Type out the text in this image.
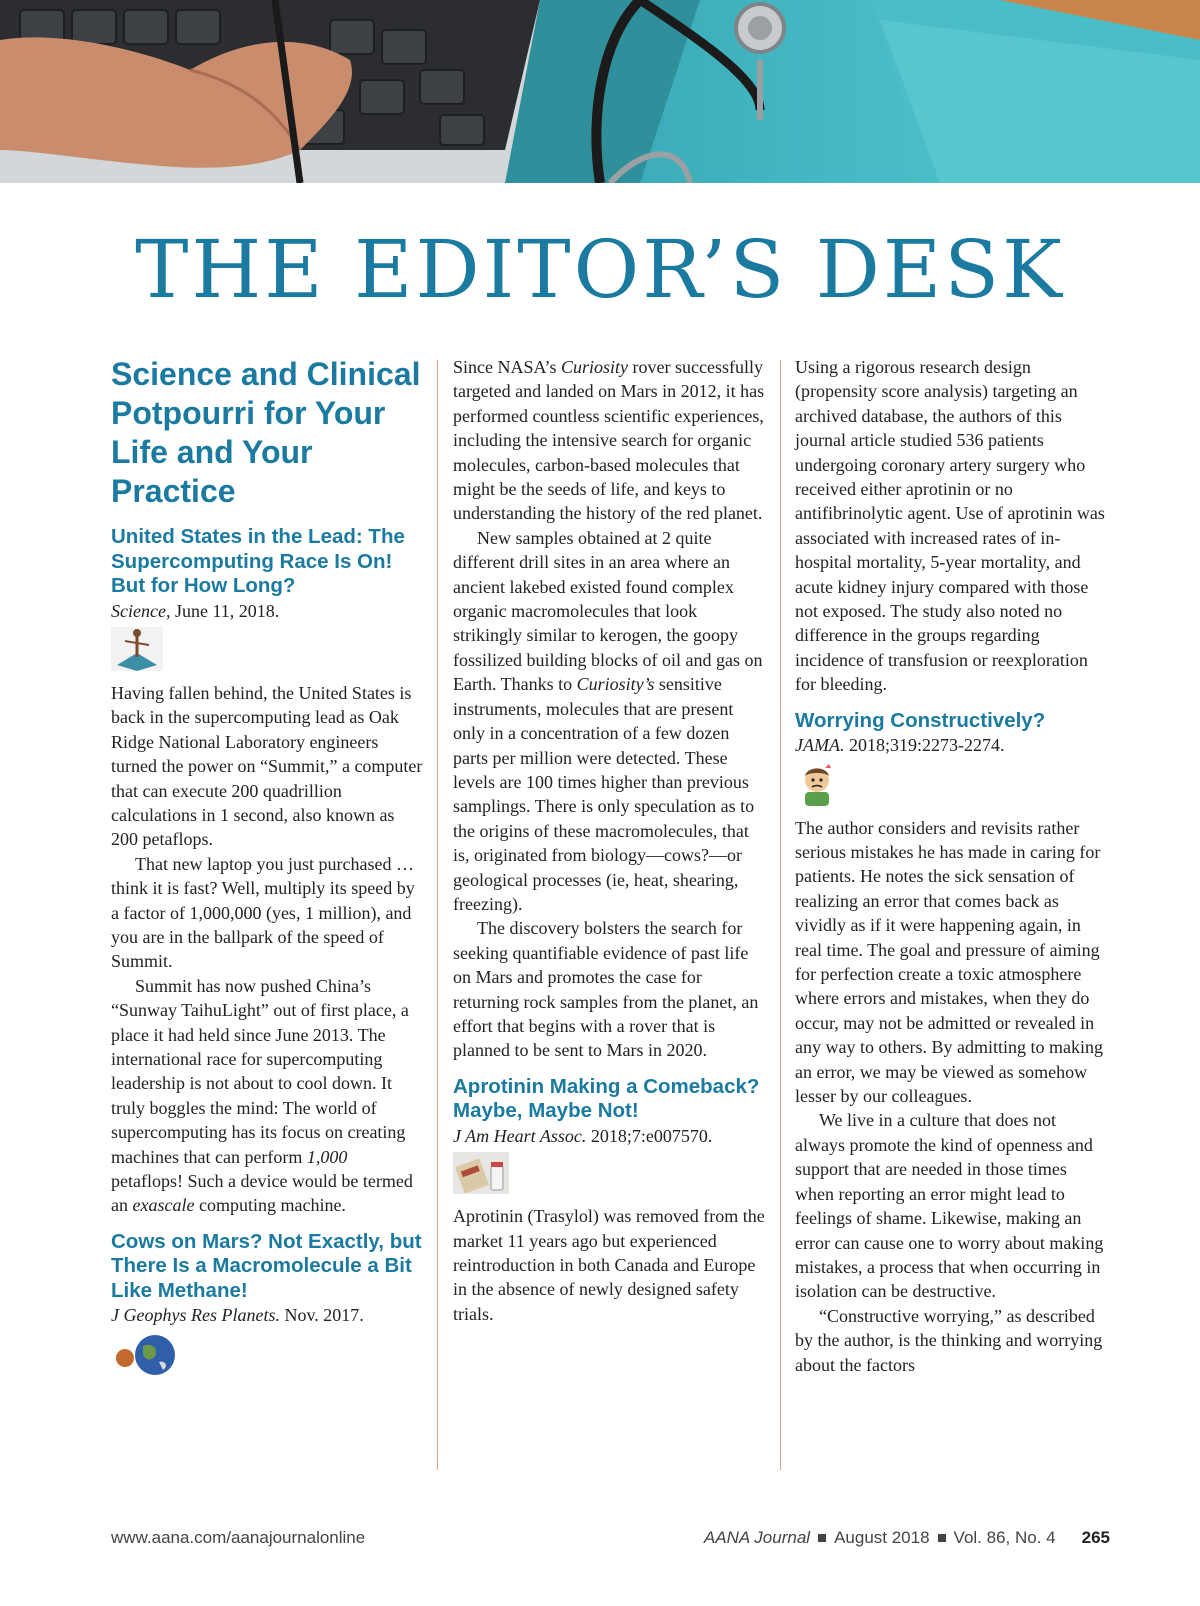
THE EDITOR’S DESK
Science and Clinical Potpourri for Your Life and Your Practice
United States in the Lead: The Supercomputing Race Is On! But for How Long?

Science, June 11, 2018.

Having fallen behind, the United States is back in the supercomputing lead as Oak Ridge National Laboratory engineers turned the power on “Summit,” a computer that can execute 200 quadrillion calculations in 1 second, also known as 200 petaflops.

That new laptop you just purchased … think it is fast? Well, multiply its speed by a factor of 1,000,000 (yes, 1 million), and you are in the ballpark of the speed of Summit.

Summit has now pushed China’s “Sunway TaihuLight” out of first place, a place it had held since June 2013. The international race for supercomputing leadership is not about to cool down. It truly boggles the mind: The world of supercomputing has its focus on creating machines that can perform 1,000 petaflops! Such a device would be termed an exascale computing machine.

Cows on Mars? Not Exactly, but There Is a Macromolecule a Bit Like Methane!

J Geophys Res Planets. Nov. 2017.

Since NASA’s Curiosity rover successfully targeted and landed on Mars in 2012, it has performed countless scientific experiences, including the intensive search for organic molecules, carbon-based molecules that might be the seeds of life, and keys to understanding the history of the red planet.

New samples obtained at 2 quite different drill sites in an area where an ancient lakebed existed found complex organic macromolecules that look strikingly similar to kerogen, the goopy fossilized building blocks of oil and gas on Earth. Thanks to Curiosity’s sensitive instruments, molecules that are present only in a concentration of a few dozen parts per million were detected. These levels are 100 times higher than previous samplings. There is only speculation as to the origins of these macromolecules, that is, originated from biology—cows?—or geological processes (ie, heat, shearing, freezing).

The discovery bolsters the search for seeking quantifiable evidence of past life on Mars and promotes the case for returning rock samples from the planet, an effort that begins with a rover that is planned to be sent to Mars in 2020.

Aprotinin Making a Comeback? Maybe, Maybe Not!

J Am Heart Assoc. 2018;7:e007570.

Aprotinin (Trasylol) was removed from the market 11 years ago but experienced reintroduction in both Canada and Europe in the absence of newly designed safety trials.

Using a rigorous research design (propensity score analysis) targeting an archived database, the authors of this journal article studied 536 patients undergoing coronary artery surgery who received either aprotinin or no antifibrinolytic agent. Use of aprotinin was associated with increased rates of in-hospital mortality, 5-year mortality, and acute kidney injury compared with those not exposed. The study also noted no difference in the groups regarding incidence of transfusion or reexploration for bleeding.

Worrying Constructively?

JAMA. 2018;319:2273-2274.

The author considers and revisits rather serious mistakes he has made in caring for patients. He notes the sick sensation of realizing an error that comes back as vividly as if it were happening again, in real time. The goal and pressure of aiming for perfection create a toxic atmosphere where errors and mistakes, when they do occur, may not be admitted or revealed in any way to others. By admitting to making an error, we may be viewed as somehow lesser by our colleagues.

We live in a culture that does not always promote the kind of openness and support that are needed in those times when reporting an error might lead to feelings of shame. Likewise, making an error can cause one to worry about making mistakes, a process that when occurring in isolation can be destructive.

“Constructive worrying,” as described by the author, is the thinking and worrying about the factors

www.aana.com/aanajournalonline	AANA Journal August 2018 Vol. 86, No. 4 265
